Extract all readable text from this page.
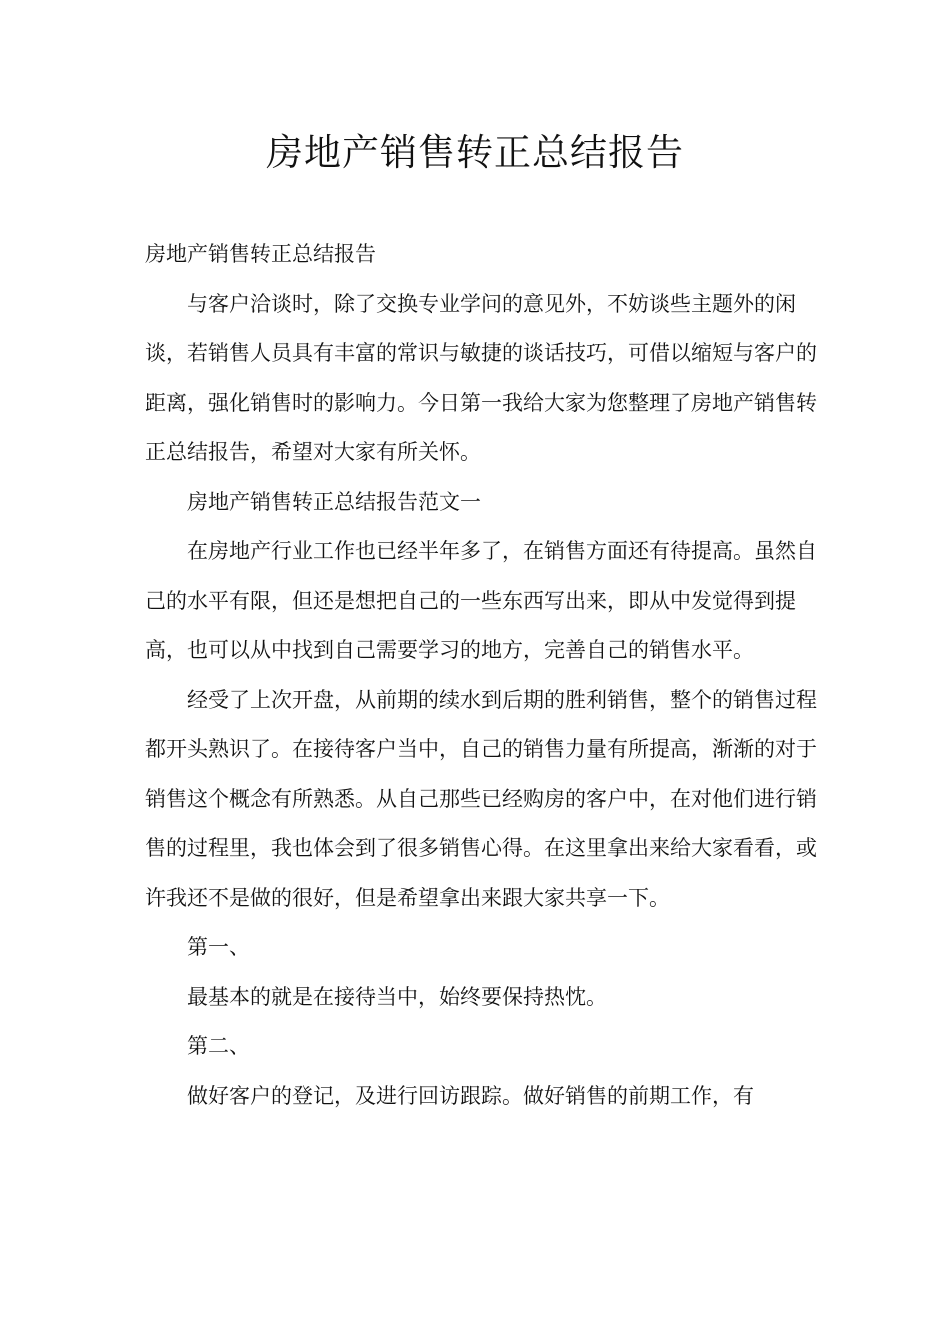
房地产销售转正总结报告

房地产销售转正总结报告

与客户洽谈时，除了交换专业学问的意见外，不妨谈些主题外的闲谈，若销售人员具有丰富的常识与敏捷的谈话技巧，可借以缩短与客户的距离，强化销售时的影响力。今日第一我给大家为您整理了房地产销售转正总结报告，希望对大家有所关怀。

房地产销售转正总结报告范文一

在房地产行业工作也已经半年多了，在销售方面还有待提高。虽然自己的水平有限，但还是想把自己的一些东西写出来，即从中发觉得到提高，也可以从中找到自己需要学习的地方，完善自己的销售水平。

经受了上次开盘，从前期的续水到后期的胜利销售，整个的销售过程都开头熟识了。在接待客户当中，自己的销售力量有所提高，渐渐的对于销售这个概念有所熟悉。从自己那些已经购房的客户中，在对他们进行销售的过程里，我也体会到了很多销售心得。在这里拿出来给大家看看，或许我还不是做的很好，但是希望拿出来跟大家共享一下。

第一、

最基本的就是在接待当中，始终要保持热忱。

第二、

做好客户的登记，及进行回访跟踪。做好销售的前期工作，有
